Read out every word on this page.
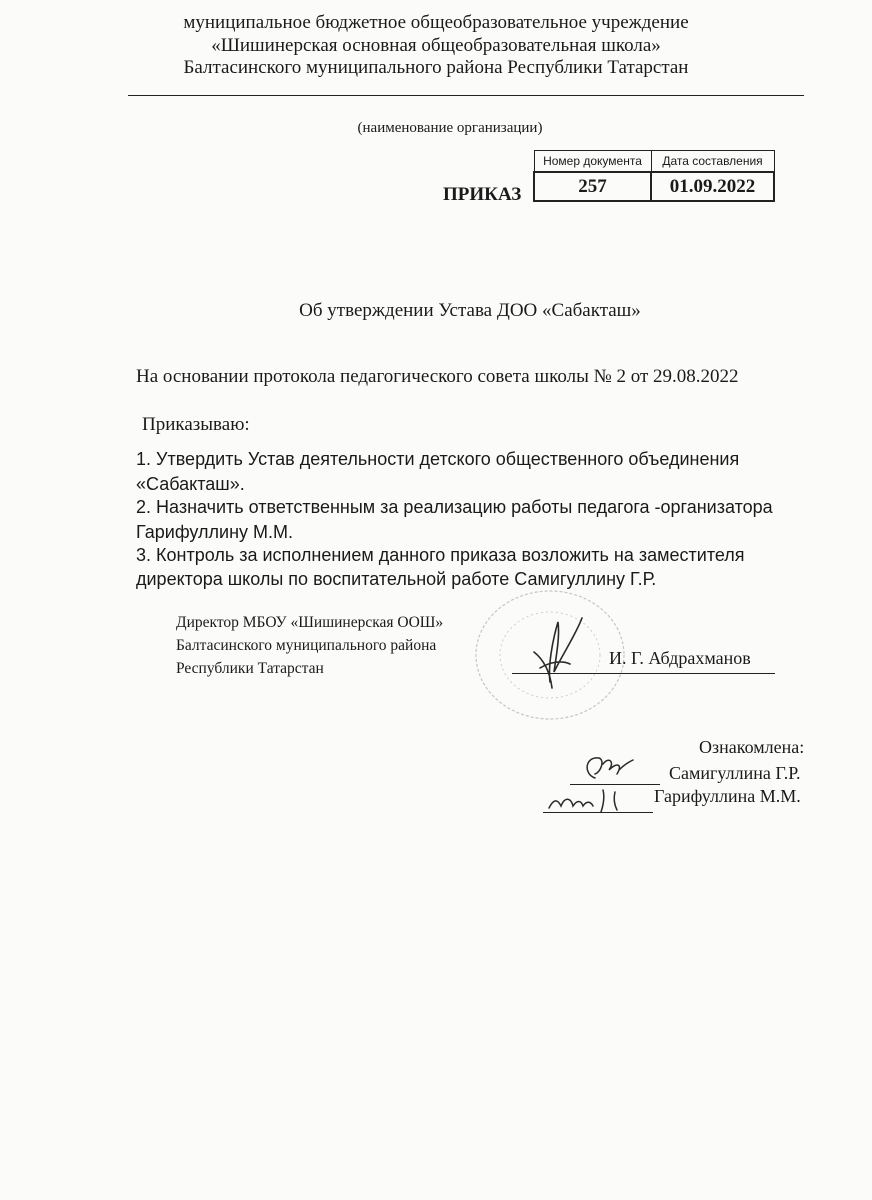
муниципальное бюджетное общеобразовательное учреждение
«Шишинерская основная общеобразовательная школа»
Балтасинского муниципального района Республики Татарстан
(наименование организации)
Номер документа	Дата составления
257	01.09.2022
ПРИКАЗ
Об утверждении Устава ДОО «Сабакташ»
На основании протокола педагогического совета школы № 2 от 29.08.2022
Приказываю:
1. Утвердить Устав деятельности детского общественного объединения
«Сабакташ».
2. Назначить ответственным за реализацию работы педагога -организатора
Гарифуллину М.М.
3. Контроль за исполнением данного приказа возложить на заместителя
директора школы по воспитательной работе Самигуллину Г.Р.
Директор МБОУ «Шишинерская ООШ»
Балтасинского муниципального района
Республики Татарстан
И. Г. Абдрахманов
Ознакомлена:
Самигуллина Г.Р.
Гарифуллина М.М.
